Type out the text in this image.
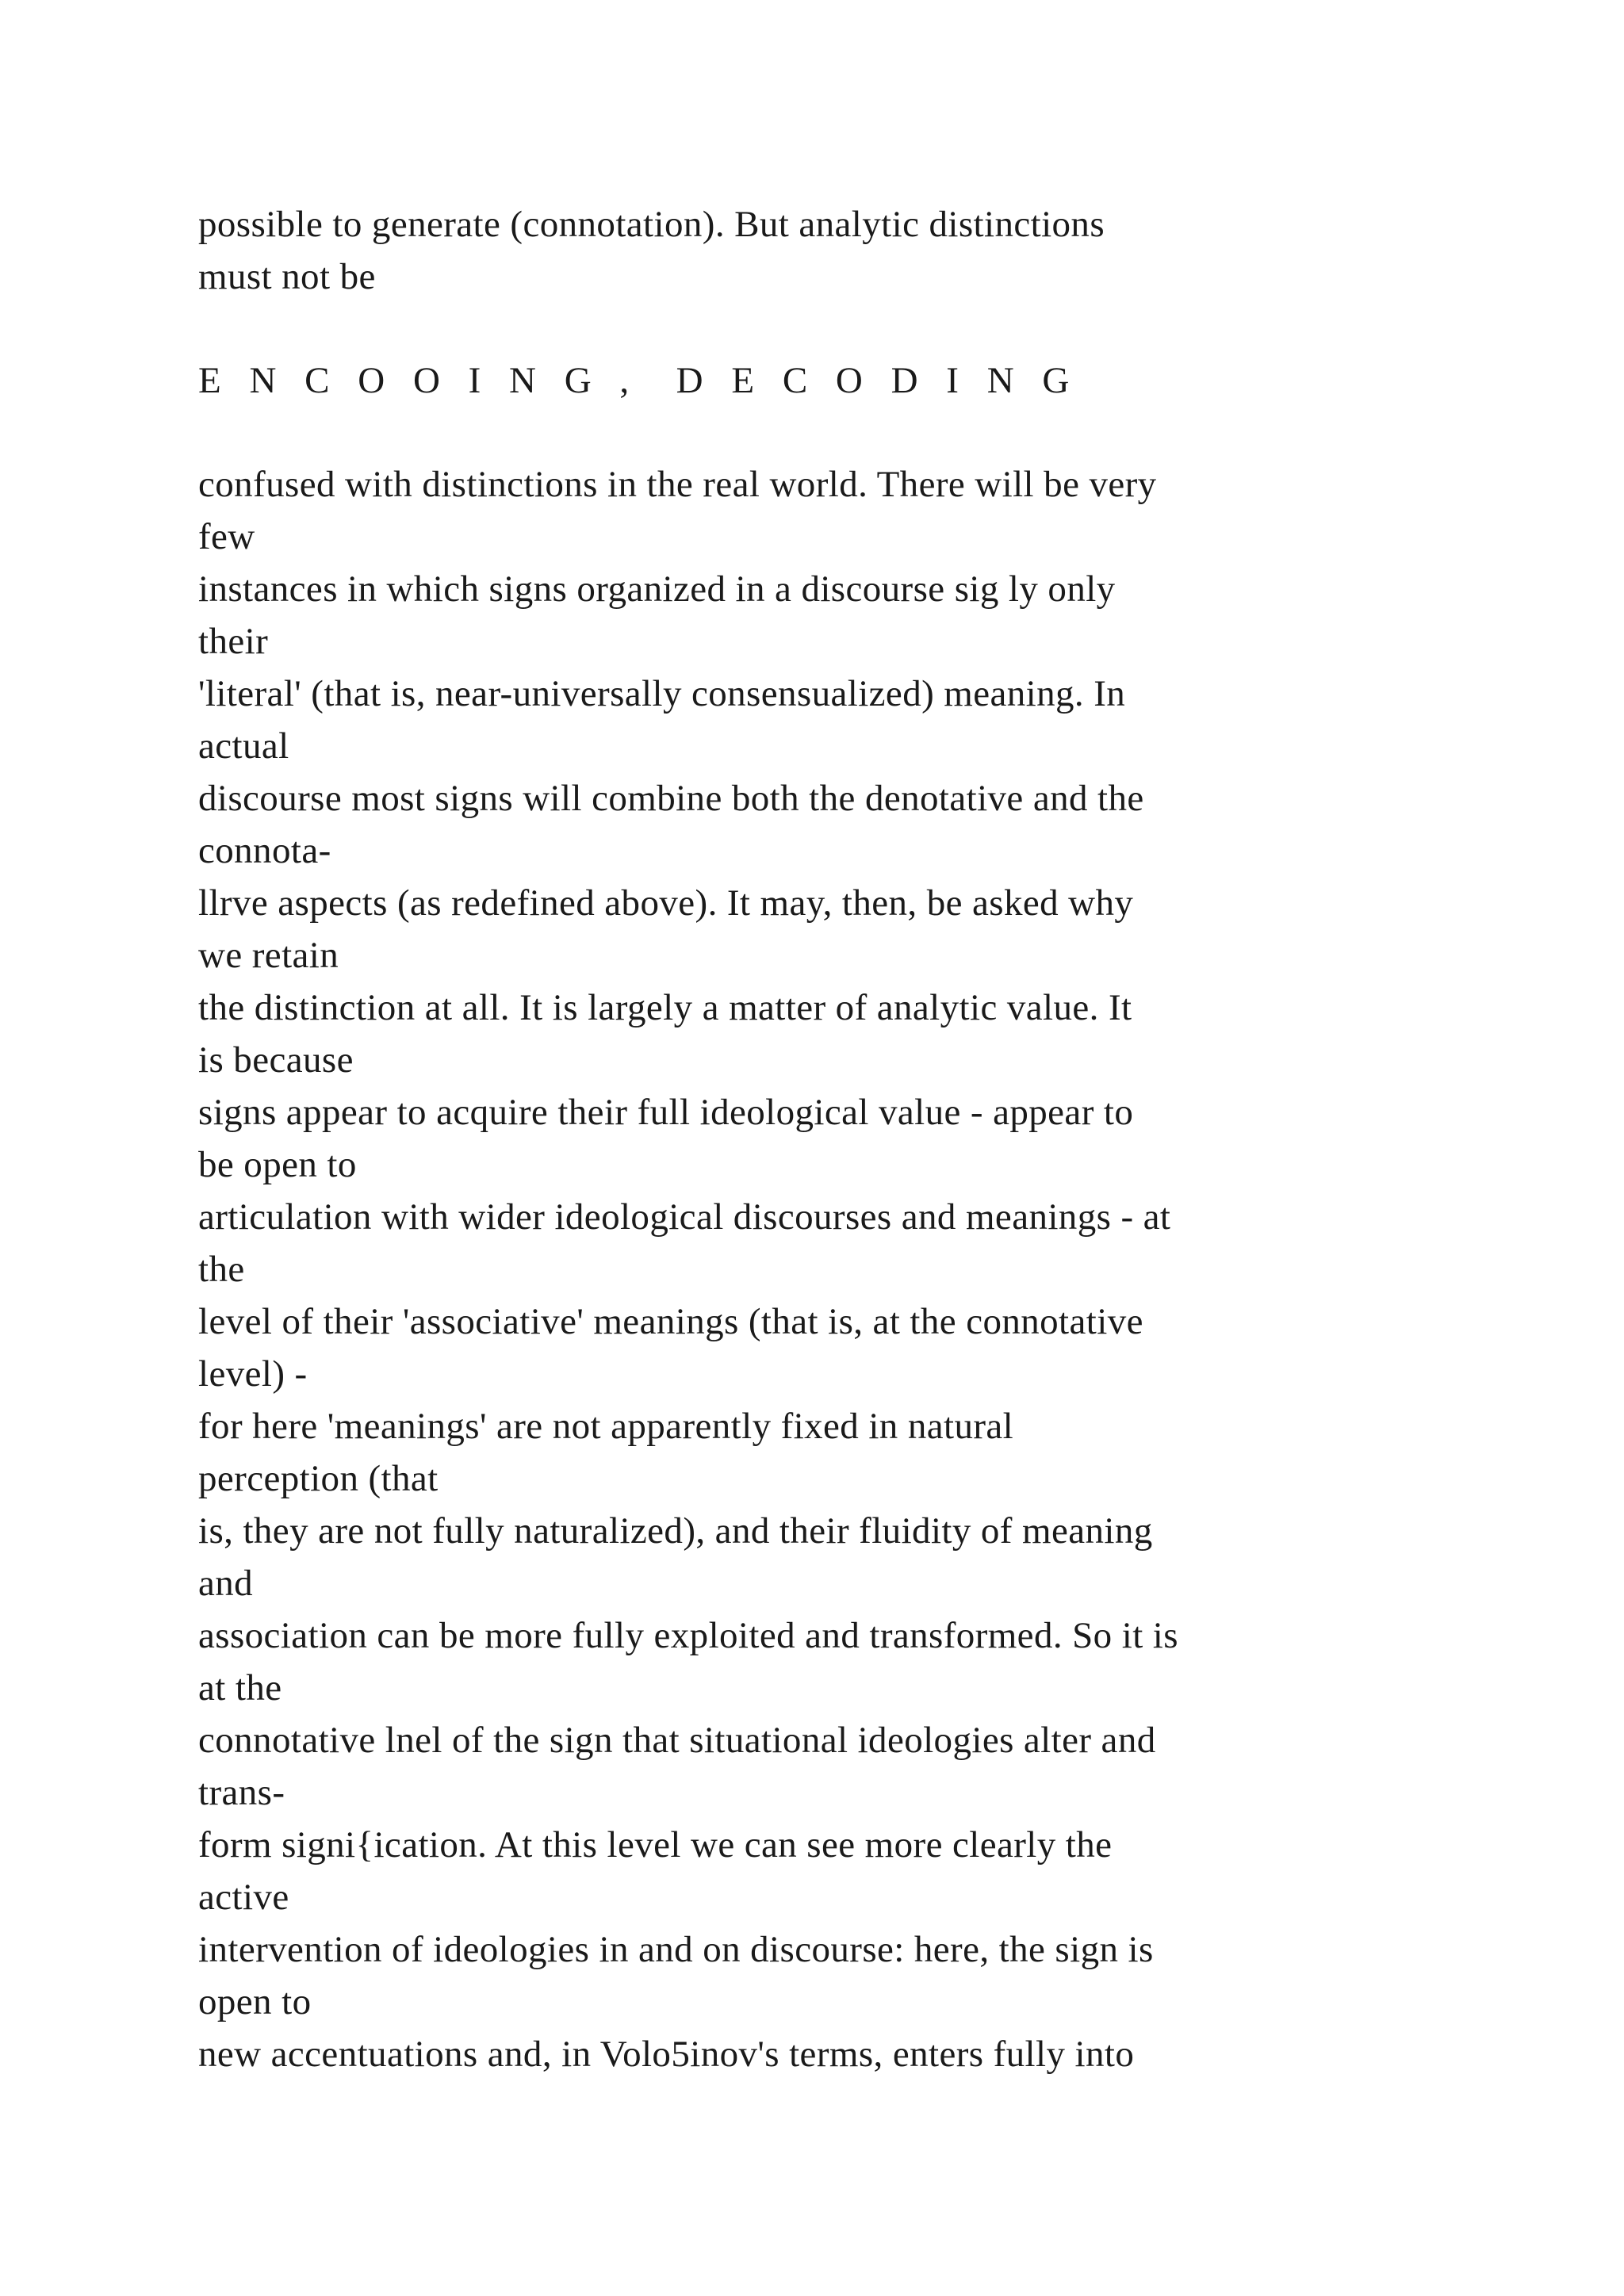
possible to generate (connotation). But analytic distinctions
must not be
E N C O O I N G ,  D E C O D I N G
confused with distinctions in the real world. There will be very
few
instances in which signs organized in a discourse sig ly only
their
'literal' (that is, near-universally consensualized) meaning. In
actual
discourse most signs will combine both the denotative and the
connota-
llrve aspects (as redefined above). It may, then, be asked why
we retain
the distinction at all. It is largely a matter of analytic value. It
is because
signs appear to acquire their full ideological value - appear to
be open to
articulation with wider ideological discourses and meanings - at
the
level of their 'associative' meanings (that is, at the connotative
level) -
for here 'meanings' are not apparently fixed in natural
perception (that
is, they are not fully naturalized), and their fluidity of meaning
and
association can be more fully exploited and transformed. So it is
at the
connotative lnel of the sign that situational ideologies alter and
trans-
form signi{ication. At this level we can see more clearly the
active
intervention of ideologies in and on discourse: here, the sign is
open to
new accentuations and, in Volo5inov's terms, enters fully into
